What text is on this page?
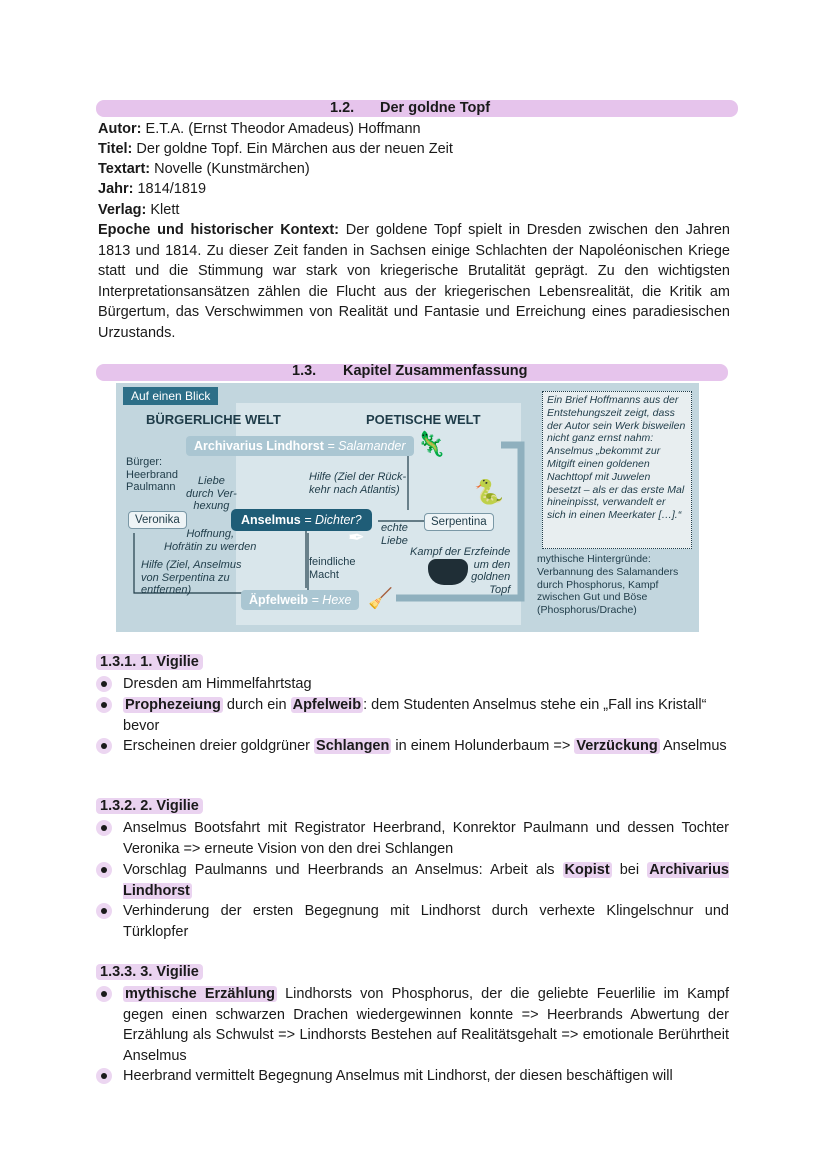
1.2. Der goldne Topf
Autor: E.T.A. (Ernst Theodor Amadeus) Hoffmann
Titel: Der goldne Topf. Ein Märchen aus der neuen Zeit
Textart: Novelle (Kunstmärchen)
Jahr: 1814/1819
Verlag: Klett
Epoche und historischer Kontext: Der goldene Topf spielt in Dresden zwischen den Jahren 1813 und 1814. Zu dieser Zeit fanden in Sachsen einige Schlachten der Napoléonischen Kriege statt und die Stimmung war stark von kriegerische Brutalität geprägt. Zu den wichtigsten Interpretationsansätzen zählen die Flucht aus der kriegerischen Lebensrealität, die Kritik am Bürgertum, das Verschwimmen von Realität und Fantasie und Erreichung eines paradiesischen Urzustands.
1.3. Kapitel Zusammenfassung
Auf einen Blick
BÜRGERLICHE WELT	POETISCHE WELT
Archivarius Lindhorst = Salamander 🦎
Bürger:
Heerbrand
Paulmann	Liebe
durch Ver-
hexung
Hilfe (Ziel der Rück-
kehr nach Atlantis)
Veronika	Anselmus = Dichter?
✒
🐍
Serpentina
echte
Liebe
Hoffnung,
Hofrätin zu werden
Hilfe (Ziel, Anselmus
von Serpentina zu
entfernen)
feindliche
Macht
Kampf der Erzfeinde
um den
goldnen
Topf
Äpfelweib = Hexe 🧹
Ein Brief Hoffmanns aus der Entstehungszeit zeigt, dass der Autor sein Werk bisweilen nicht ganz ernst nahm: Anselmus „bekommt zur Mitgift einen goldenen Nachttopf mit Juwelen besetzt – als er das erste Mal hineinpisst, verwandelt er sich in einen Meerkater […].“
mythische Hintergründe: Verbannung des Salamanders durch Phosphorus, Kampf zwischen Gut und Böse (Phosphorus/Drache)
1.3.1. 1. Vigilie
Dresden am Himmelfahrtstag
Prophezeiung durch ein Apfelweib : dem Studenten Anselmus stehe ein „Fall ins Kristall“ bevor
Erscheinen dreier goldgrüner Schlangen in einem Holunderbaum => Verzückung Anselmus
1.3.2. 2. Vigilie
Anselmus Bootsfahrt mit Registrator Heerbrand, Konrektor Paulmann und dessen Tochter Veronika => erneute Vision von den drei Schlangen
Vorschlag Paulmanns und Heerbrands an Anselmus: Arbeit als Kopist bei Archivarius Lindhorst
Verhinderung der ersten Begegnung mit Lindhorst durch verhexte Klingelschnur und Türklopfer
1.3.3. 3. Vigilie
mythische Erzählung Lindhorsts von Phosphorus, der die geliebte Feuerlilie im Kampf gegen einen schwarzen Drachen wiedergewinnen konnte => Heerbrands Abwertung der Erzählung als Schwulst => Lindhorsts Bestehen auf Realitätsgehalt => emotionale Berührtheit Anselmus
Heerbrand vermittelt Begegnung Anselmus mit Lindhorst, der diesen beschäftigen will
